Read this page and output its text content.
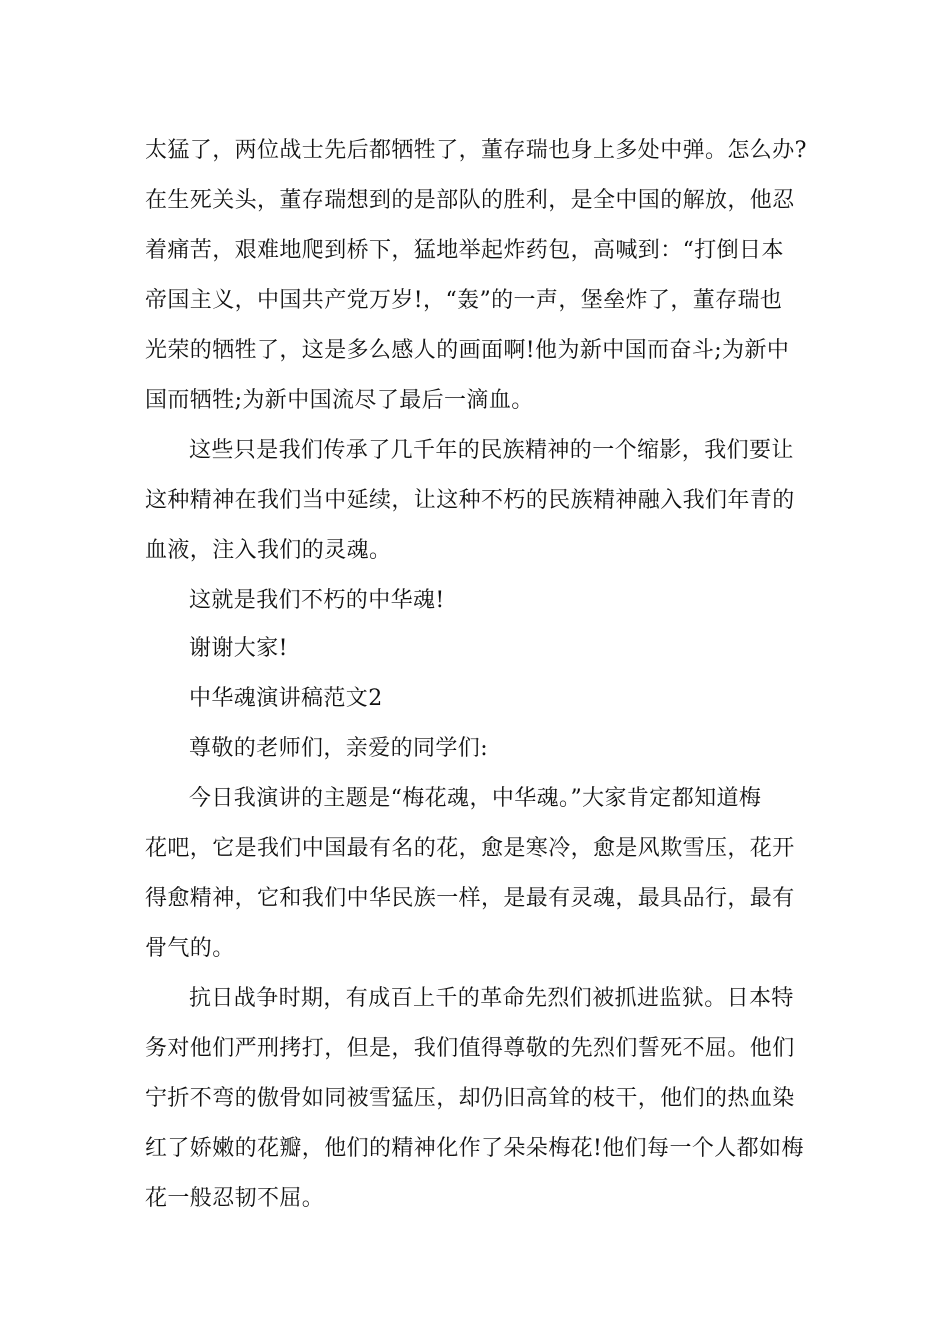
太猛了，两位战士先后都牺牲了，董存瑞也身上多处中弹。怎么办?
在生死关头，董存瑞想到的是部队的胜利，是全中国的解放，他忍
着痛苦，艰难地爬到桥下，猛地举起炸药包，高喊到：“打倒日本
帝国主义，中国共产党万岁!，“轰”的一声，堡垒炸了，董存瑞也
光荣的牺牲了，这是多么感人的画面啊!他为新中国而奋斗;为新中
国而牺牲;为新中国流尽了最后一滴血。
这些只是我们传承了几千年的民族精神的一个缩影，我们要让
这种精神在我们当中延续，让这种不朽的民族精神融入我们年青的
血液，注入我们的灵魂。
这就是我们不朽的中华魂!
谢谢大家!
中华魂演讲稿范文2
尊敬的老师们，亲爱的同学们:
今日我演讲的主题是“梅花魂，中华魂。”大家肯定都知道梅
花吧，它是我们中国最有名的花，愈是寒冷，愈是风欺雪压，花开
得愈精神，它和我们中华民族一样，是最有灵魂，最具品行，最有
骨气的。
抗日战争时期，有成百上千的革命先烈们被抓进监狱。日本特
务对他们严刑拷打，但是，我们值得尊敬的先烈们誓死不屈。他们
宁折不弯的傲骨如同被雪猛压，却仍旧高耸的枝干，他们的热血染
红了娇嫩的花瓣，他们的精神化作了朵朵梅花!他们每一个人都如梅
花一般忍韧不屈。
